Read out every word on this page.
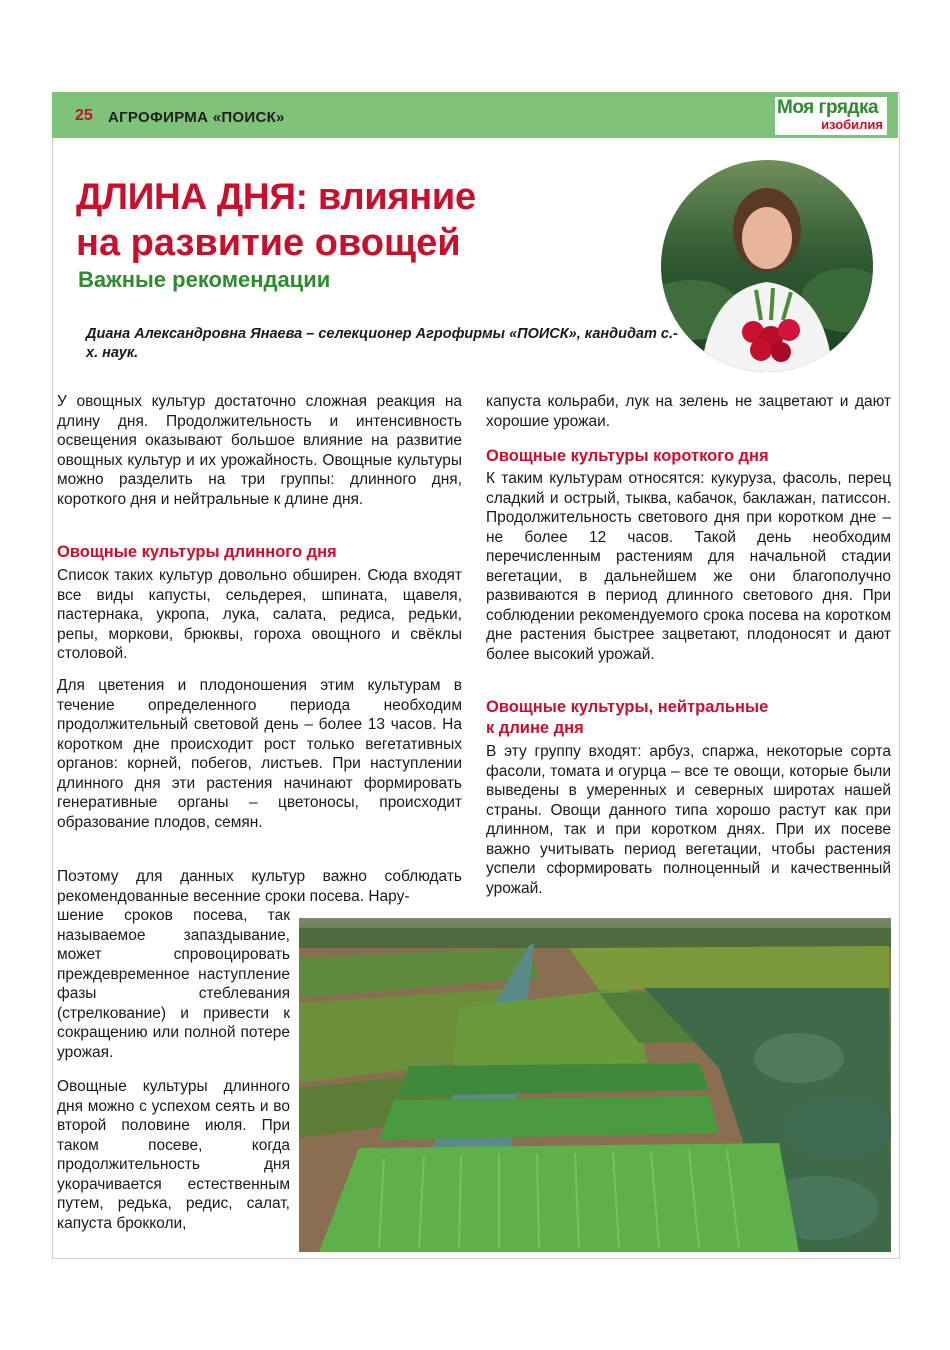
25 АГРОФИРМА «ПОИСК»	Моя грядка
изобилия
ДЛИНА ДНЯ: влияние
на развитие овощей
Важные рекомендации
Диана Александровна Янаева – селекционер Агрофирмы «ПОИСК», кандидат с.-х. наук.

У овощных культур достаточно сложная реакция на длину дня. Продолжительность и интенсивность освещения оказывают большое влияние на развитие овощных культур и их урожайность. Овощные культуры можно разделить на три группы: длинного дня, короткого дня и нейтральные к длине дня.

Овощные культуры длинного дня

Список таких культур довольно обширен. Сюда входят все виды капусты, сельдерея, шпината, щавеля, пастернака, укропа, лука, салата, редиса, редьки, репы, моркови, брюквы, гороха овощного и свёклы столовой.

Для цветения и плодоношения этим культурам в течение определенного периода необходим продолжительный световой день – более 13 часов. На коротком дне происходит рост только вегетативных органов: корней, побегов, листьев. При наступлении длинного дня эти растения начинают формировать генеративные органы – цветоносы, происходит образование плодов, семян.

Поэтому для данных культур важно соблюдать рекомендованные весенние сроки посева. Нару-

шение сроков посева, так называемое запаздывание, может спровоцировать преждевременное наступление фазы стеблевания (стрелкование) и привести к сокращению или полной потере урожая.

Овощные культуры длинного дня можно с успехом сеять и во второй половине июля. При таком посеве, когда продолжительность дня укорачивается естественным путем, редька, редис, салат, капуста брокколи,

капуста кольраби, лук на зелень не зацветают и дают хорошие урожаи.

Овощные культуры короткого дня

К таким культурам относятся: кукуруза, фасоль, перец сладкий и острый, тыква, кабачок, баклажан, патиссон. Продолжительность светового дня при коротком дне – не более 12 часов. Такой день необходим перечисленным растениям для начальной стадии вегетации, в дальнейшем же они благополучно развиваются в период длинного светового дня. При соблюдении рекомендуемого срока посева на коротком дне растения быстрее зацветают, плодоносят и дают более высокий урожай.

Овощные культуры, нейтральные
к длине дня

В эту группу входят: арбуз, спаржа, некоторые сорта фасоли, томата и огурца – все те овощи, которые были выведены в умеренных и северных широтах нашей страны. Овощи данного типа хорошо растут как при длинном, так и при коротком днях. При их посеве важно учитывать период вегетации, чтобы растения успели сформировать полноценный и качественный урожай.
